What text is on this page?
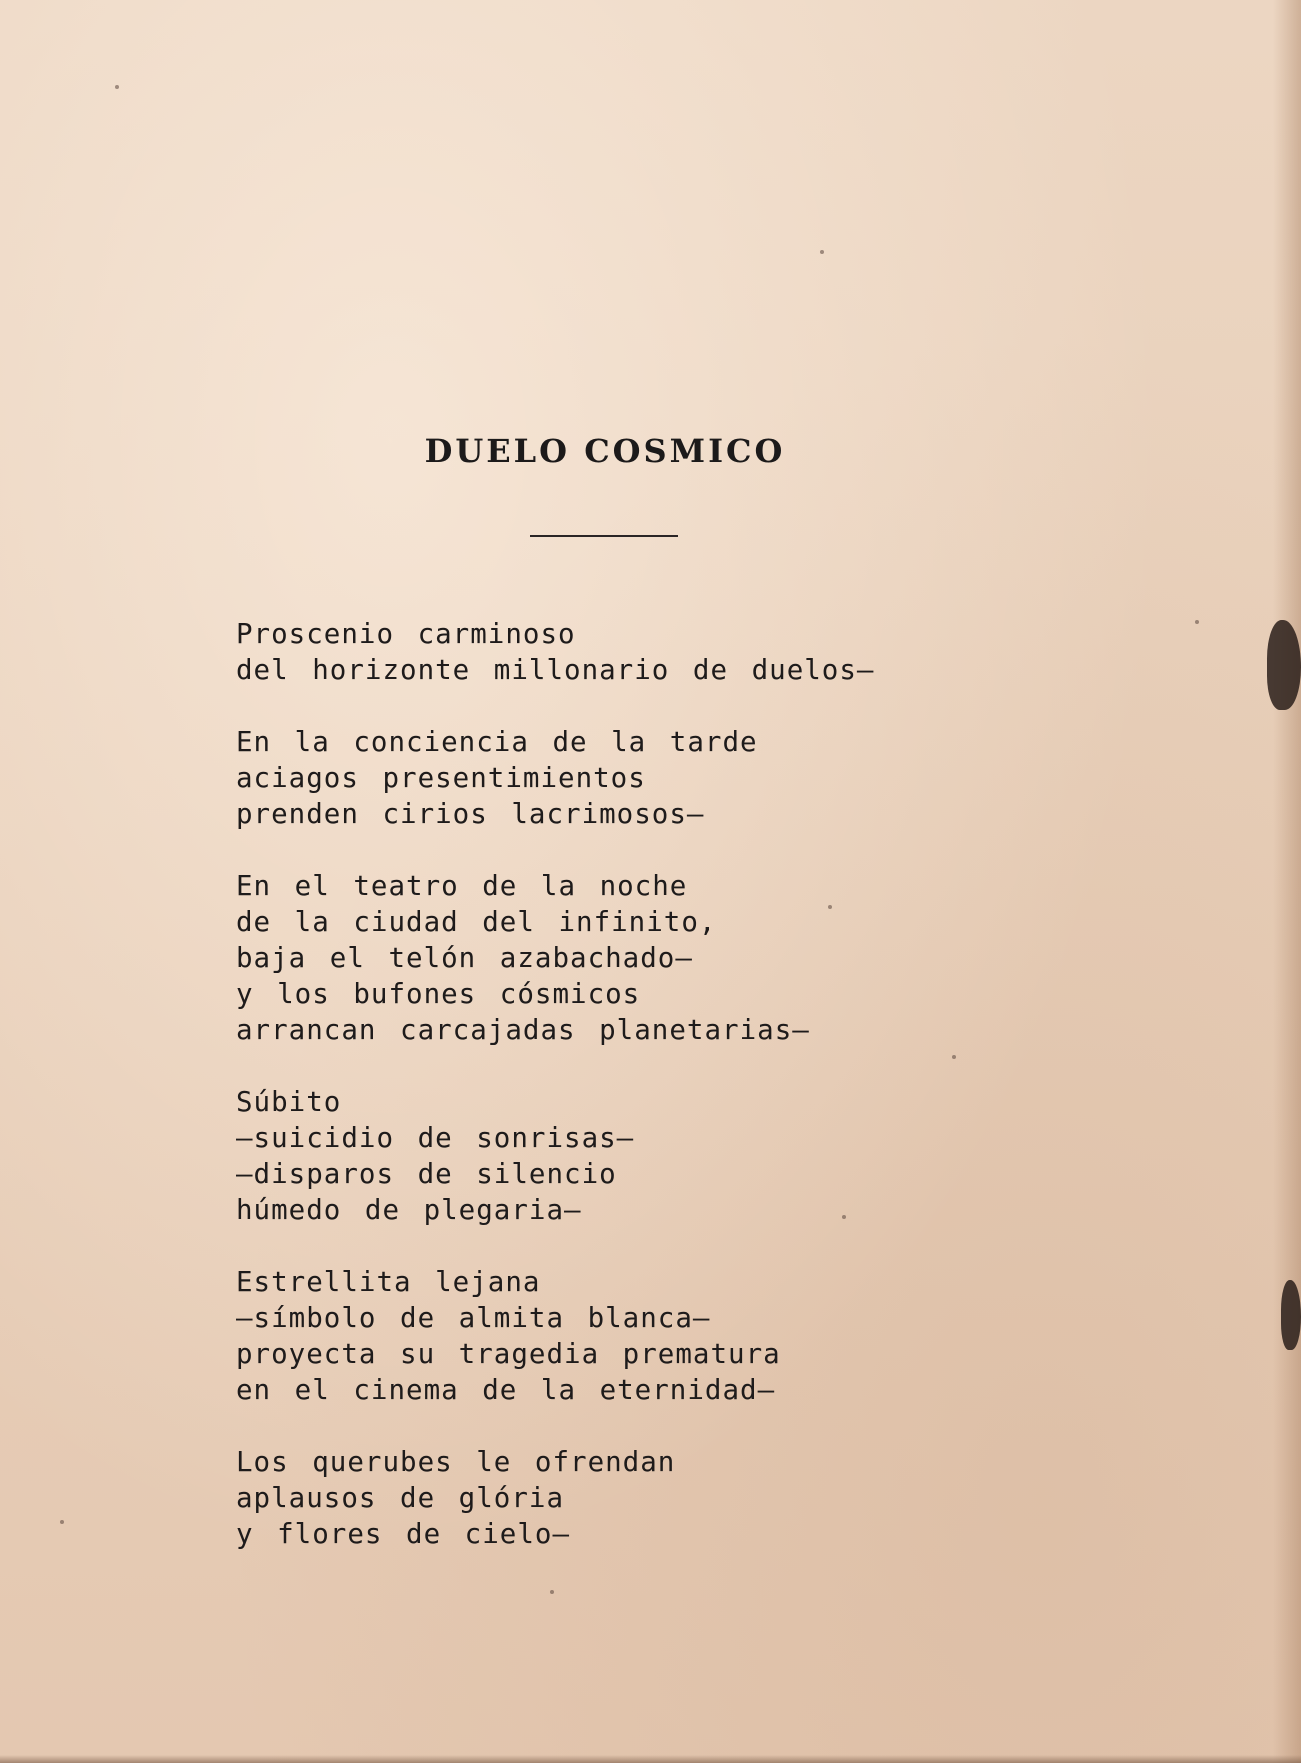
DUELO COSMICO
Proscenio carminoso
del horizonte millonario de duelos—
En la conciencia de la tarde
aciagos presentimientos
prenden cirios lacrimosos—
En el teatro de la noche
de la ciudad del infinito,
baja el telón azabachado—
y los bufones cósmicos
arrancan carcajadas planetarias—
Súbito
—suicidio de sonrisas—
—disparos de silencio
húmedo de plegaria—
Estrellita lejana
—símbolo de almita blanca—
proyecta su tragedia prematura
en el cinema de la eternidad—
Los querubes le ofrendan
aplausos de glória
y flores de cielo—
